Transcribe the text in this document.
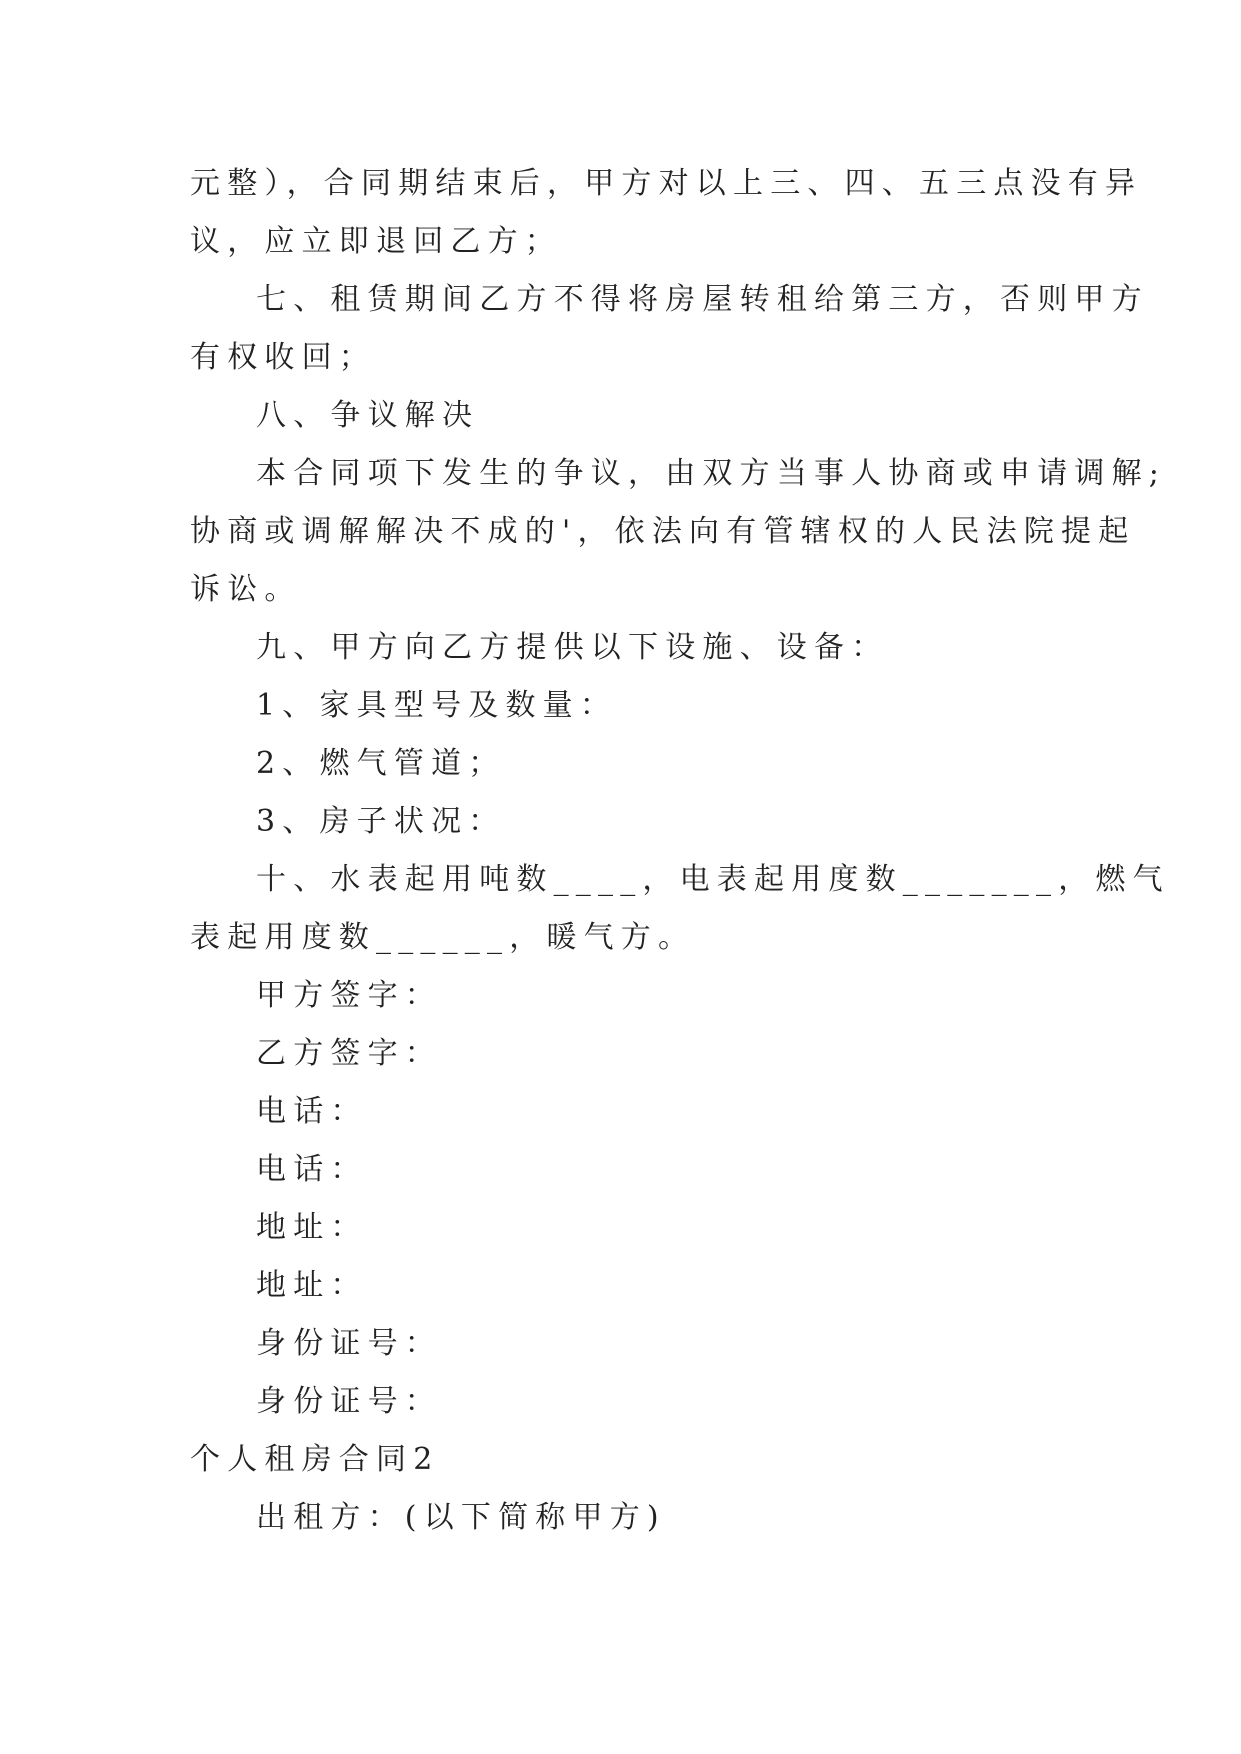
元整），合同期结束后，甲方对以上三、四、五三点没有异
议，应立即退回乙方；
七、租赁期间乙方不得将房屋转租给第三方，否则甲方
有权收回；
八、争议解决
本合同项下发生的争议，由双方当事人协商或申请调解;
协商或调解解决不成的'，依法向有管辖权的人民法院提起
诉讼。
九、甲方向乙方提供以下设施、设备：
1、家具型号及数量：
2、燃气管道；
3、房子状况：
十、水表起用吨数____，电表起用度数_______，燃气
表起用度数______，暖气方。
甲方签字：
乙方签字：
电话：
电话：
地址：
地址：
身份证号：
身份证号：
个人租房合同2
出租方：(以下简称甲方)
